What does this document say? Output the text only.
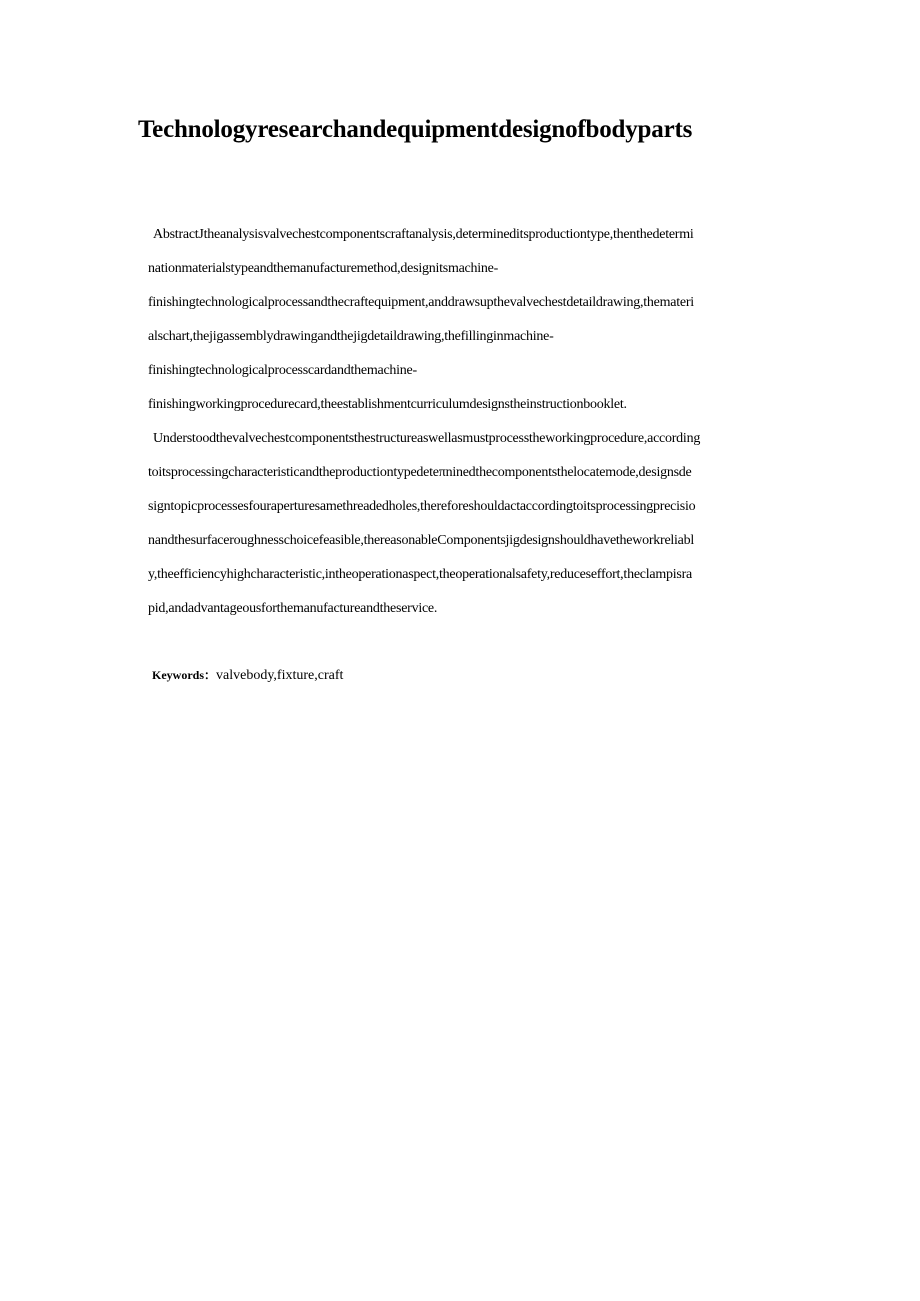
Technologyresearchandequipmentdesignofbodyparts
AbstractJtheanalysisvalvechestcomponentscraftanalysis,determineditsproductiontype,thenthedetermi
nationmaterialstypeandthemanufacturemethod,designitsmachine-
finishingtechnologicalprocessandthecraftequipment,anddrawsupthevalvechestdetaildrawing,themateri
alschart,thejigassemblydrawingandthejigdetaildrawing,thefillinginmachine-
finishingtechnologicalprocesscardandthemachine-
finishingworkingprocedurecard,theestablishmentcurriculumdesignstheinstructionbooklet.
Understoodthevalvechestcomponentsthestructureaswellasmustprocesstheworkingprocedure,according
toitsprocessingcharacteristicandtheproductiontypedeteπninedthecomponentsthelocatemode,designsde
signtopicprocessesfouraperturesamethreadedholes,thereforeshouldactaccordingtoitsprocessingprecisio
nandthesurfaceroughnesschoicefeasible,thereasonableComponentsjigdesignshouldhavetheworkreliabl
y,theefficiencyhighcharacteristic,intheoperationaspect,theoperationalsafety,reduceseffort,theclampisra
pid,andadvantageousforthemanufactureandtheservice.
Keywords：valvebody,fixture,craft
